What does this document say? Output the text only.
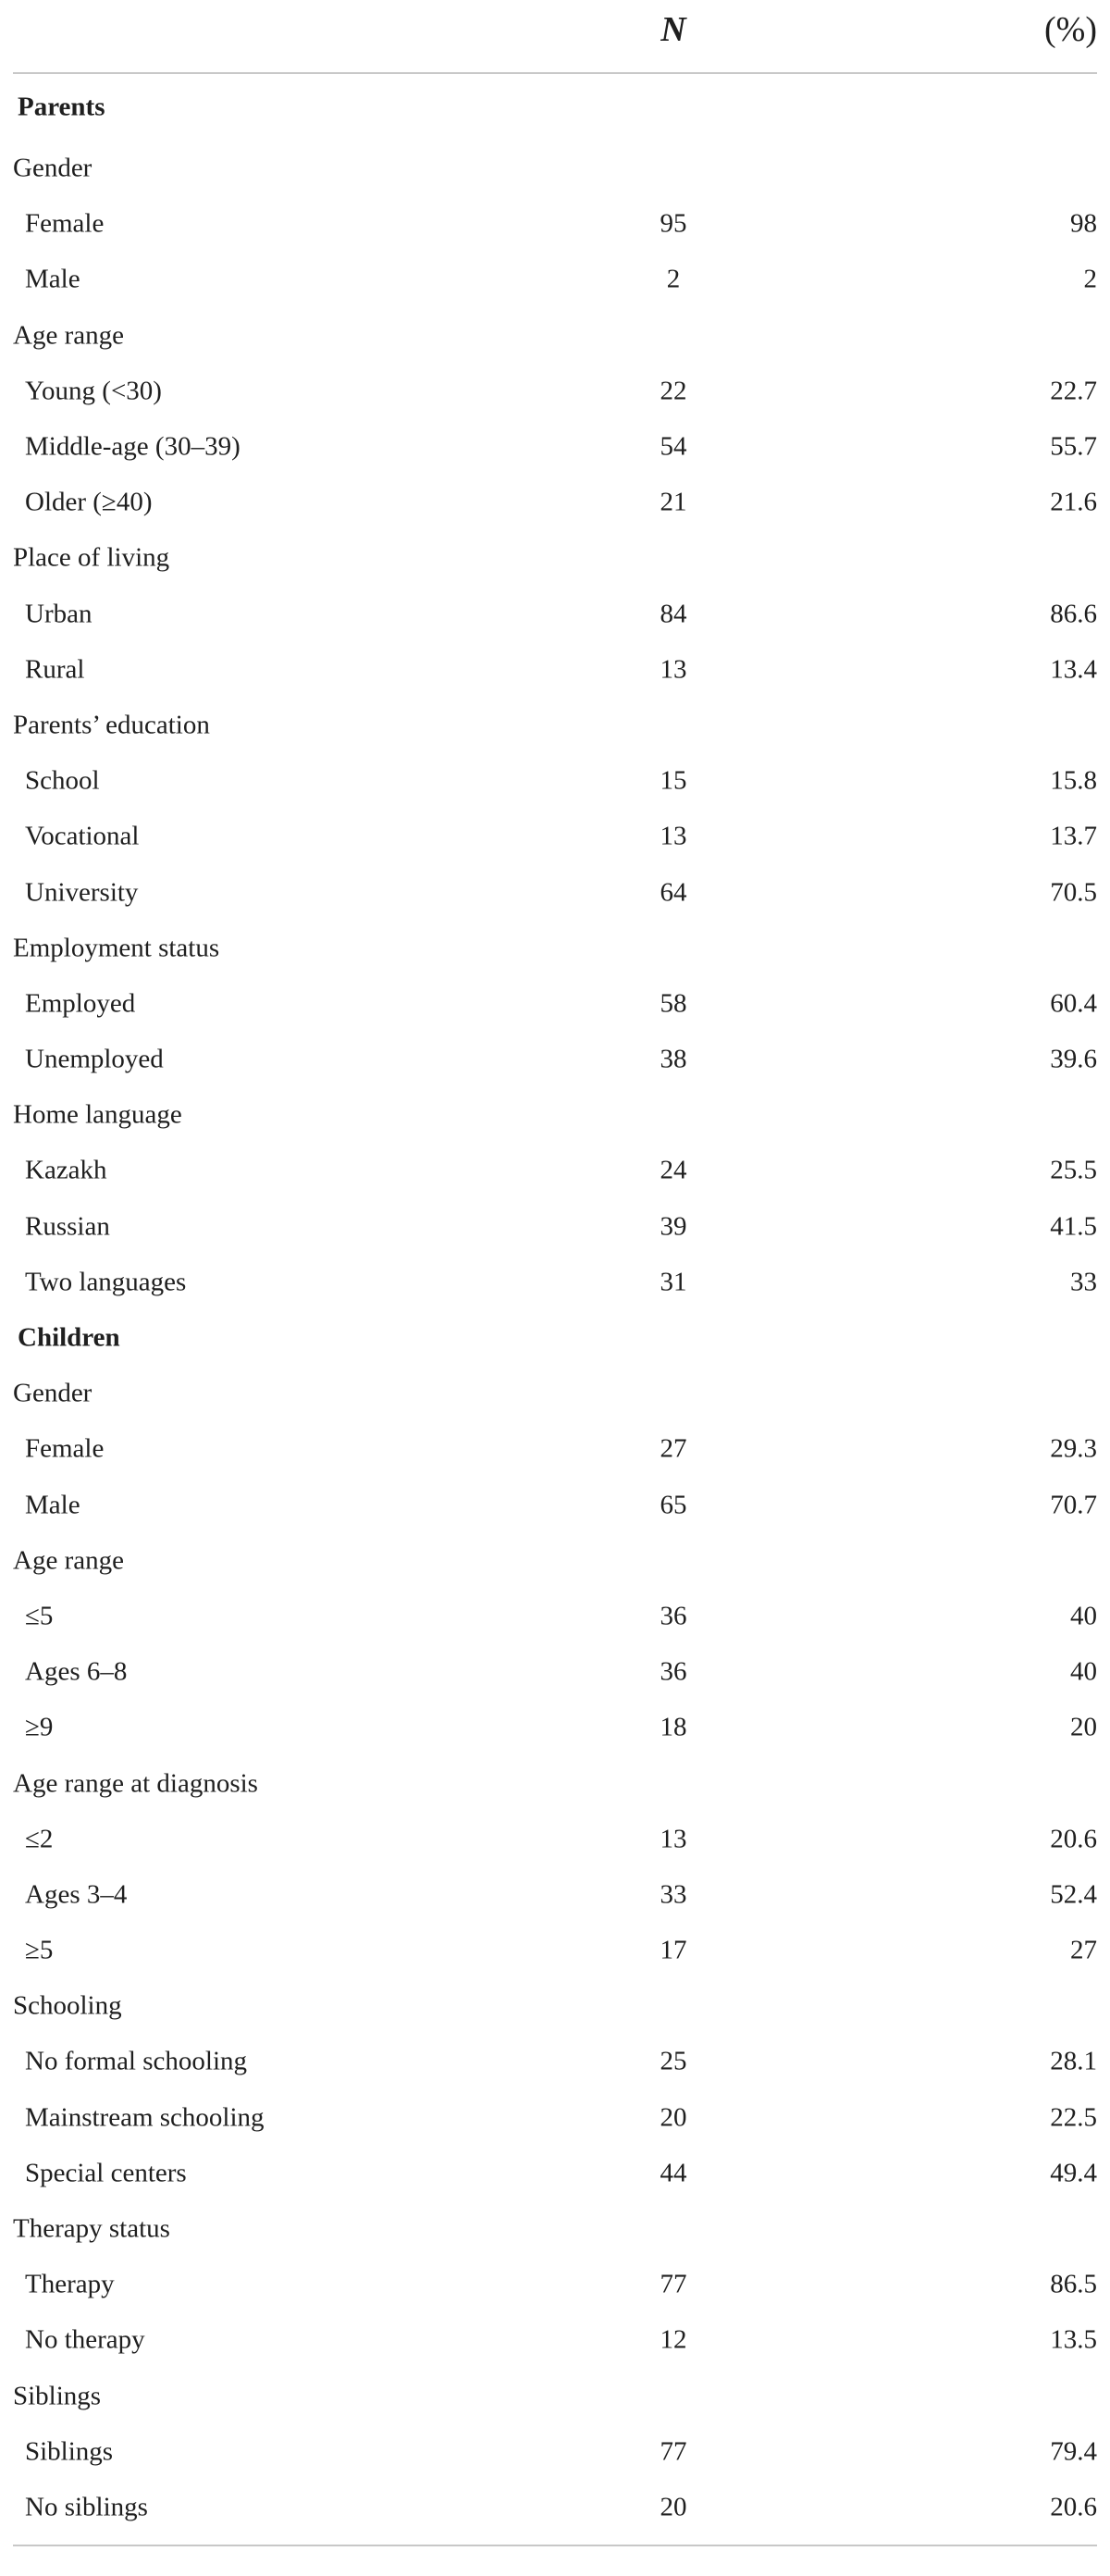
N	(%)
Parents
Gender
Female	95	98
Male	2	2
Age range
Young (<30)	22	22.7
Middle-age (30–39)	54	55.7
Older (≥40)	21	21.6
Place of living
Urban	84	86.6
Rural	13	13.4
Parents’ education
School	15	15.8
Vocational	13	13.7
University	64	70.5
Employment status
Employed	58	60.4
Unemployed	38	39.6
Home language
Kazakh	24	25.5
Russian	39	41.5
Two languages	31	33
Children
Gender
Female	27	29.3
Male	65	70.7
Age range
≤5	36	40
Ages 6–8	36	40
≥9	18	20
Age range at diagnosis
≤2	13	20.6
Ages 3–4	33	52.4
≥5	17	27
Schooling
No formal schooling	25	28.1
Mainstream schooling	20	22.5
Special centers	44	49.4
Therapy status
Therapy	77	86.5
No therapy	12	13.5
Siblings
Siblings	77	79.4
No siblings	20	20.6
